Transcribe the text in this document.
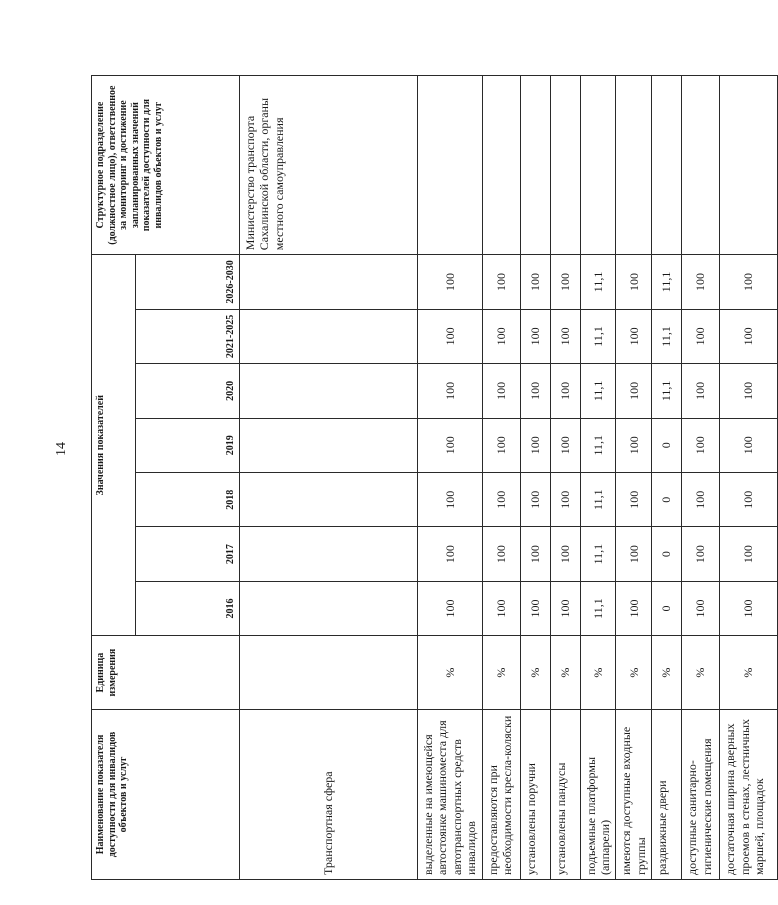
14
Наименование показателя доступности для инвалидов объектов и услуг	Единица измерения	Значения показателей							Структурное подразделение (должностное лицо), ответственное за мониторинг и достижение запланированных значений показателей доступности для инвалидов объектов и услуг
		2016	2017	2018	2019	2020	2021-2025	2026-2030	
Транспортная сфера									Министерство транспорта Сахалинской области, органы местного самоуправления
выделенные на имеющейся автостоянке машиноместа для автотранспортных средств инвалидов	%	100	100	100	100	100	100	100	
предоставляются при необходимости кресла-коляски	%	100	100	100	100	100	100	100	
установлены поручни	%	100	100	100	100	100	100	100	
установлены пандусы	%	100	100	100	100	100	100	100	
подъемные платформы (аппарели)	%	11,1	11,1	11,1	11,1	11,1	11,1	11,1	
имеются доступные входные группы	%	100	100	100	100	100	100	100	
раздвижные двери	%	0	0	0	0	11,1	11,1	11,1	
доступные санитарно-гигиенические помещения	%	100	100	100	100	100	100	100	
достаточная ширина дверных проемов в стенах, лестничных маршей, площадок	%	100	100	100	100	100	100	100	
